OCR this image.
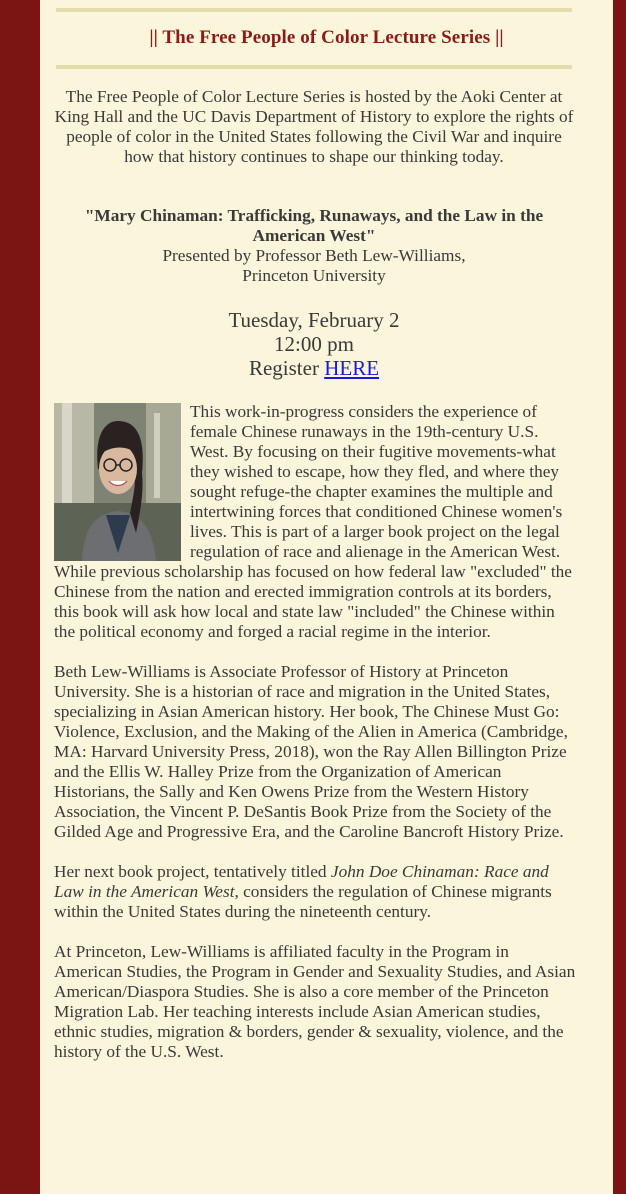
|| The Free People of Color Lecture Series ||
The Free People of Color Lecture Series is hosted by the Aoki Center at King Hall and the UC Davis Department of History to explore the rights of people of color in the United States following the Civil War and inquire how that history continues to shape our thinking today.
"Mary Chinaman: Trafficking, Runaways, and the Law in the American West"
Presented by Professor Beth Lew-Williams,
Princeton University
Tuesday, February 2
12:00 pm
Register HERE

This work-in-progress considers the experience of female Chinese runaways in the 19th-century U.S. West. By focusing on their fugitive movements-what they wished to escape, how they fled, and where they sought refuge-the chapter examines the multiple and intertwining forces that conditioned Chinese women's lives. This is part of a larger book project on the legal regulation of race and alienage in the American West. While previous scholarship has focused on how federal law "excluded" the Chinese from the nation and erected immigration controls at its borders, this book will ask how local and state law "included" the Chinese within the political economy and forged a racial regime in the interior.

Beth Lew-Williams is Associate Professor of History at Princeton University. She is a historian of race and migration in the United States, specializing in Asian American history. Her book, The Chinese Must Go: Violence, Exclusion, and the Making of the Alien in America (Cambridge, MA: Harvard University Press, 2018), won the Ray Allen Billington Prize and the Ellis W. Halley Prize from the Organization of American Historians, the Sally and Ken Owens Prize from the Western History Association, the Vincent P. DeSantis Book Prize from the Society of the Gilded Age and Progressive Era, and the Caroline Bancroft History Prize.

Her next book project, tentatively titled John Doe Chinaman: Race and Law in the American West, considers the regulation of Chinese migrants within the United States during the nineteenth century.

At Princeton, Lew-Williams is affiliated faculty in the Program in American Studies, the Program in Gender and Sexuality Studies, and Asian American/Diaspora Studies. She is also a core member of the Princeton Migration Lab. Her teaching interests include Asian American studies, ethnic studies, migration & borders, gender & sexuality, violence, and the history of the U.S. West.
